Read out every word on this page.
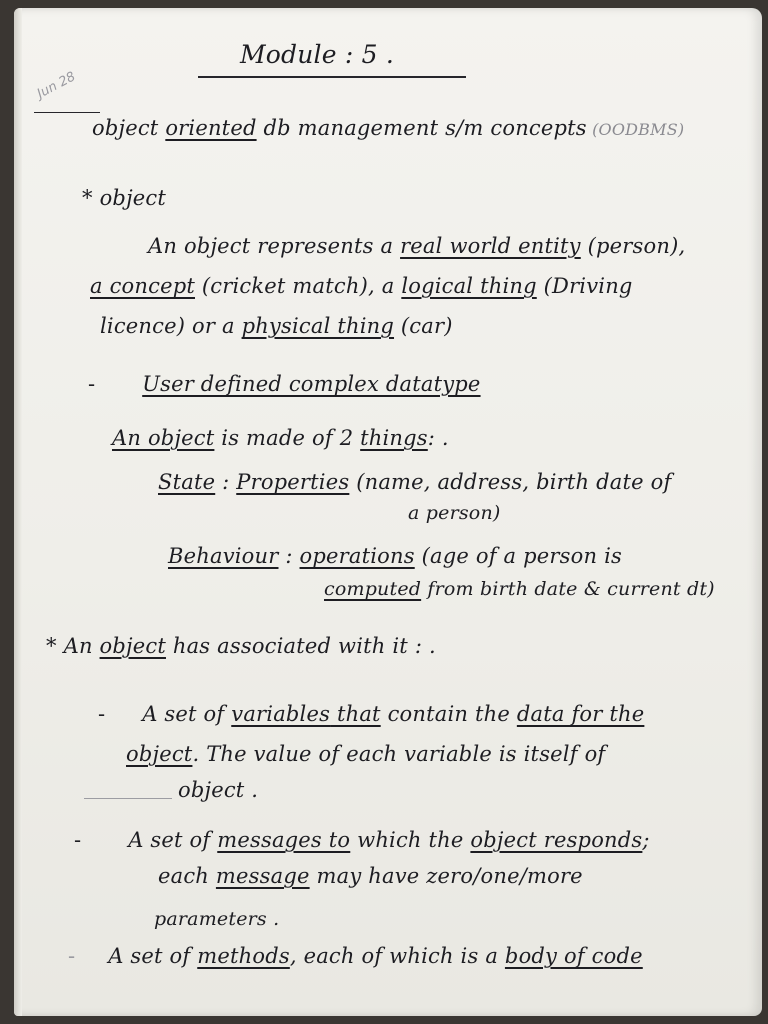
Jun 28
Module : 5 .
object oriented db management s/m concepts (OODBMS)
* object
An object represents a real world entity (person),
a concept (cricket match), a logical thing (Driving
licence) or a physical thing (car)
- User defined complex datatype
An object is made of 2 things: .
State : Properties (name, address, birth date of
a person)
Behaviour : operations (age of a person is
computed from birth date & current dt)
* An object has associated with it : .
- A set of variables that contain the data for the
object. The value of each variable is itself of
object .
- A set of messages to which the object responds;
each message may have zero/one/more
parameters .
- A set of methods, each of which is a body of code
